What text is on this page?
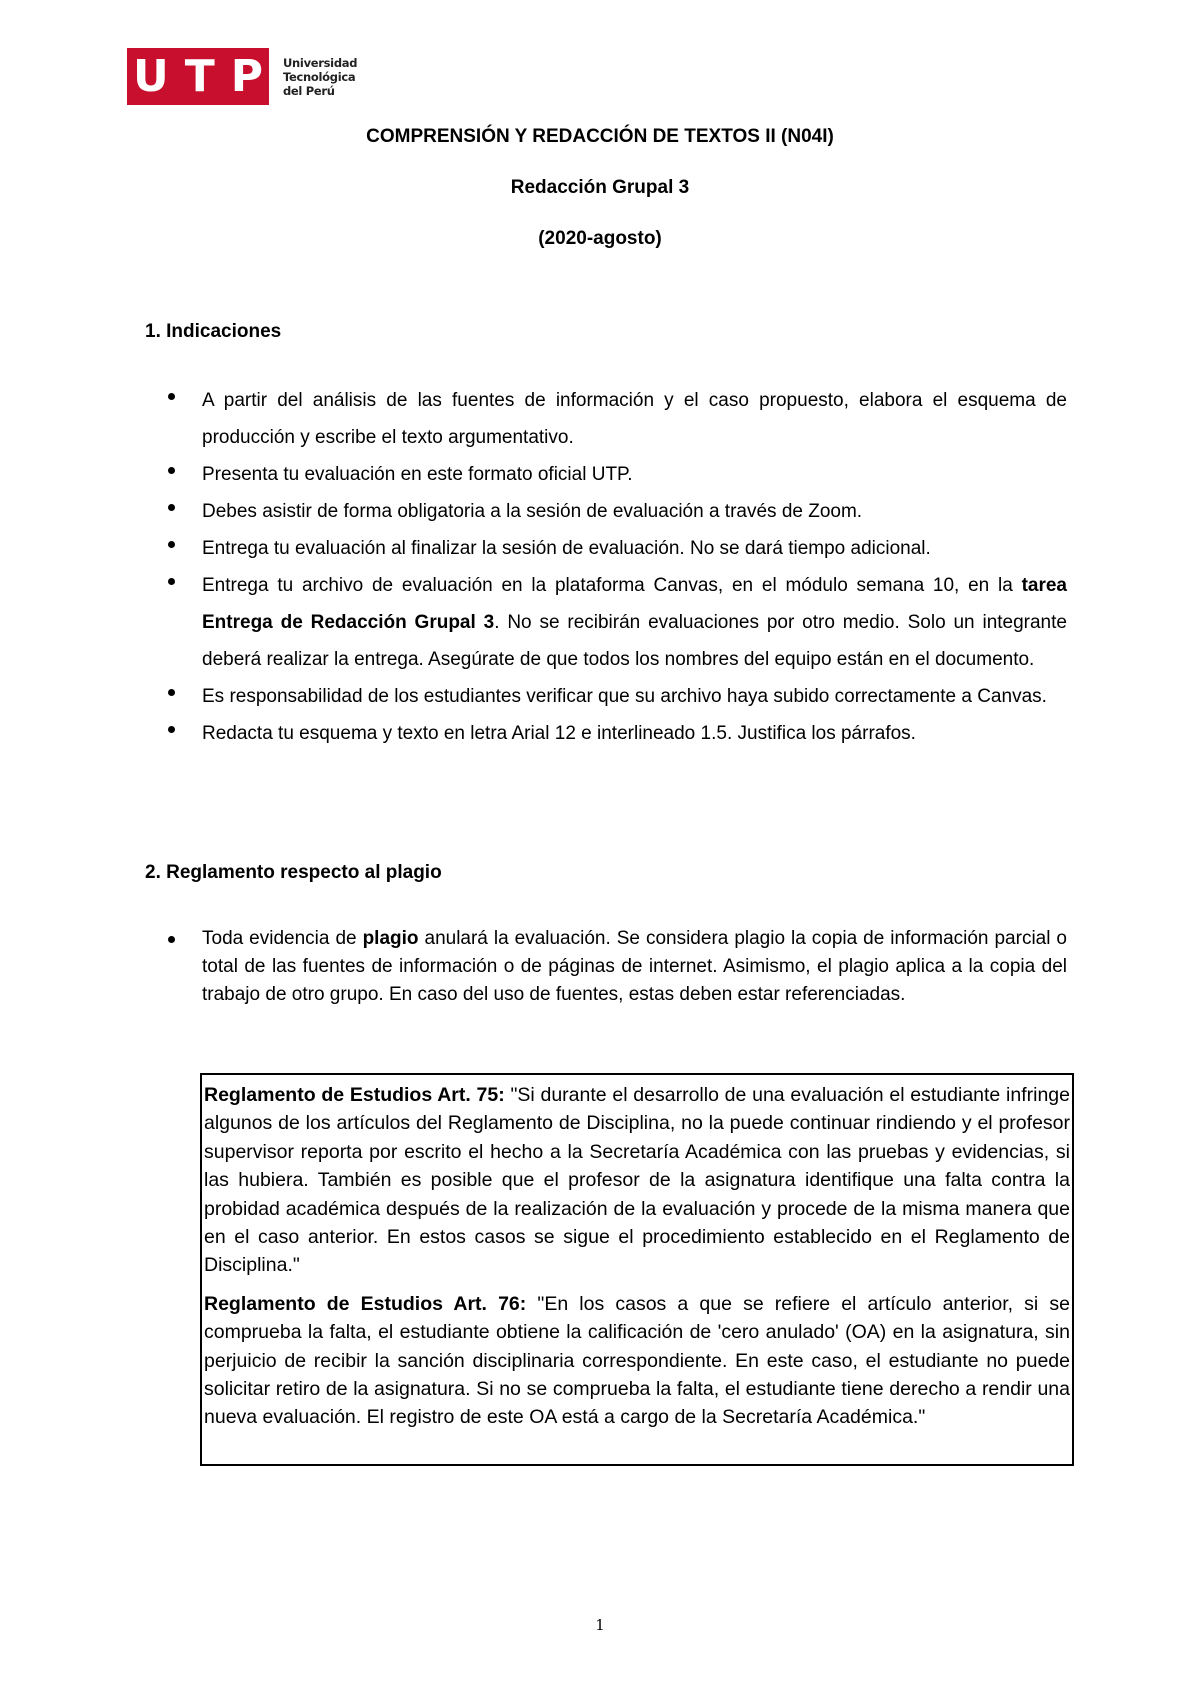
U T P Universidad
Tecnológica
del Perú
COMPRENSIÓN Y REDACCIÓN DE TEXTOS II (N04I)
Redacción Grupal 3
(2020-agosto)
1. Indicaciones
A partir del análisis de las fuentes de información y el caso propuesto, elabora el esquema de producción y escribe el texto argumentativo.
Presenta tu evaluación en este formato oficial UTP.
Debes asistir de forma obligatoria a la sesión de evaluación a través de Zoom.
Entrega tu evaluación al finalizar la sesión de evaluación. No se dará tiempo adicional.
Entrega tu archivo de evaluación en la plataforma Canvas, en el módulo semana 10, en la tarea Entrega de Redacción Grupal 3. No se recibirán evaluaciones por otro medio. Solo un integrante deberá realizar la entrega. Asegúrate de que todos los nombres del equipo están en el documento.
Es responsabilidad de los estudiantes verificar que su archivo haya subido correctamente a Canvas.
Redacta tu esquema y texto en letra Arial 12 e interlineado 1.5. Justifica los párrafos.
2. Reglamento respecto al plagio
Toda evidencia de plagio anulará la evaluación. Se considera plagio la copia de información parcial o total de las fuentes de información o de páginas de internet. Asimismo, el plagio aplica a la copia del trabajo de otro grupo. En caso del uso de fuentes, estas deben estar referenciadas.

Reglamento de Estudios Art. 75: "Si durante el desarrollo de una evaluación el estudiante infringe algunos de los artículos del Reglamento de Disciplina, no la puede continuar rindiendo y el profesor supervisor reporta por escrito el hecho a la Secretaría Académica con las pruebas y evidencias, si las hubiera. También es posible que el profesor de la asignatura identifique una falta contra la probidad académica después de la realización de la evaluación y procede de la misma manera que en el caso anterior. En estos casos se sigue el procedimiento establecido en el Reglamento de Disciplina."

Reglamento de Estudios Art. 76: "En los casos a que se refiere el artículo anterior, si se comprueba la falta, el estudiante obtiene la calificación de 'cero anulado' (OA) en la asignatura, sin perjuicio de recibir la sanción disciplinaria correspondiente. En este caso, el estudiante no puede solicitar retiro de la asignatura. Si no se comprueba la falta, el estudiante tiene derecho a rendir una nueva evaluación. El registro de este OA está a cargo de la Secretaría Académica."

1
